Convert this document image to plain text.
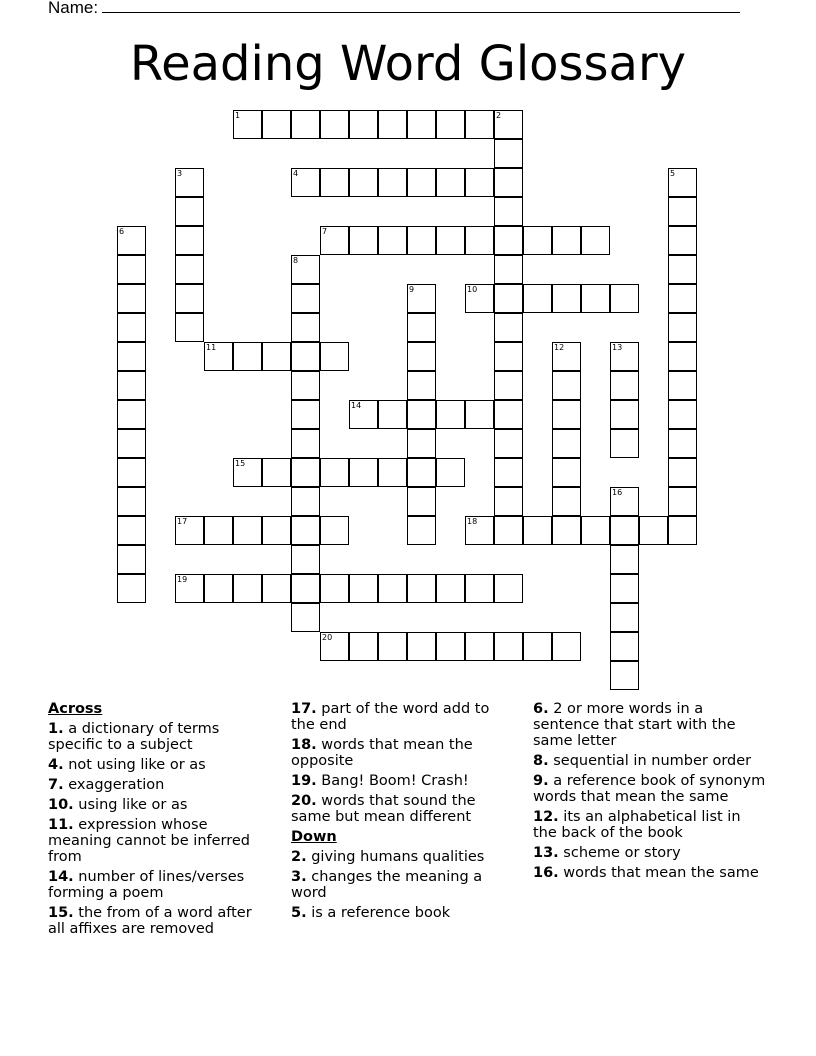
Name:
Reading Word Glossary
1	2
3	4	5
6	7
8
9	10
11	12	13
14
15
16
17	18
19
20
Across
1. a dictionary of terms specific to a subject
4. not using like or as
7. exaggeration
10. using like or as
11. expression whose meaning cannot be inferred from
14. number of lines/verses forming a poem
15. the from of a word after all affixes are removed
17. part of the word add to the end
18. words that mean the opposite
19. Bang! Boom! Crash!
20. words that sound the same but mean different
Down
2. giving humans qualities
3. changes the meaning a word
5. is a reference book
6. 2 or more words in a sentence that start with the same letter
8. sequential in number order
9. a reference book of synonym words that mean the same
12. its an alphabetical list in the back of the book
13. scheme or story
16. words that mean the same
